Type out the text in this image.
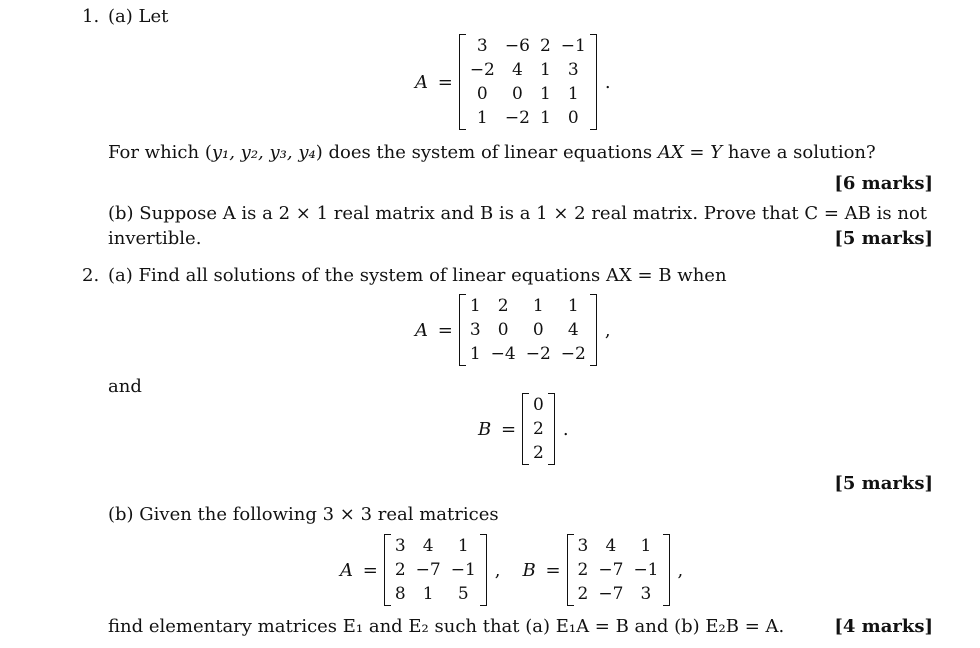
1. (a) Let
A =
3	−6	2	−1
−2	4	1	3
0	0	1	1
1	−2	1	0
.
For which (y₁, y₂, y₃, y₄) does the system of linear equations AX = Y have a solution?
[6 marks]
(b) Suppose A is a 2 × 1 real matrix and B is a 1 × 2 real matrix. Prove that C = AB is not
invertible.	[5 marks]
2. (a) Find all solutions of the system of linear equations AX = B when
A =
1	2	1	1
3	0	0	4
1	−4	−2	−2
,
and
B =
0
2
2
.
[5 marks]
(b) Given the following 3 × 3 real matrices
A =
3	4	1
2	−7	−1
8	1	5
, B =
3	4	1
2	−7	−1
2	−7	3
,
find elementary matrices E₁ and E₂ such that (a) E₁A = B and (b) E₂B = A.	[4 marks]
